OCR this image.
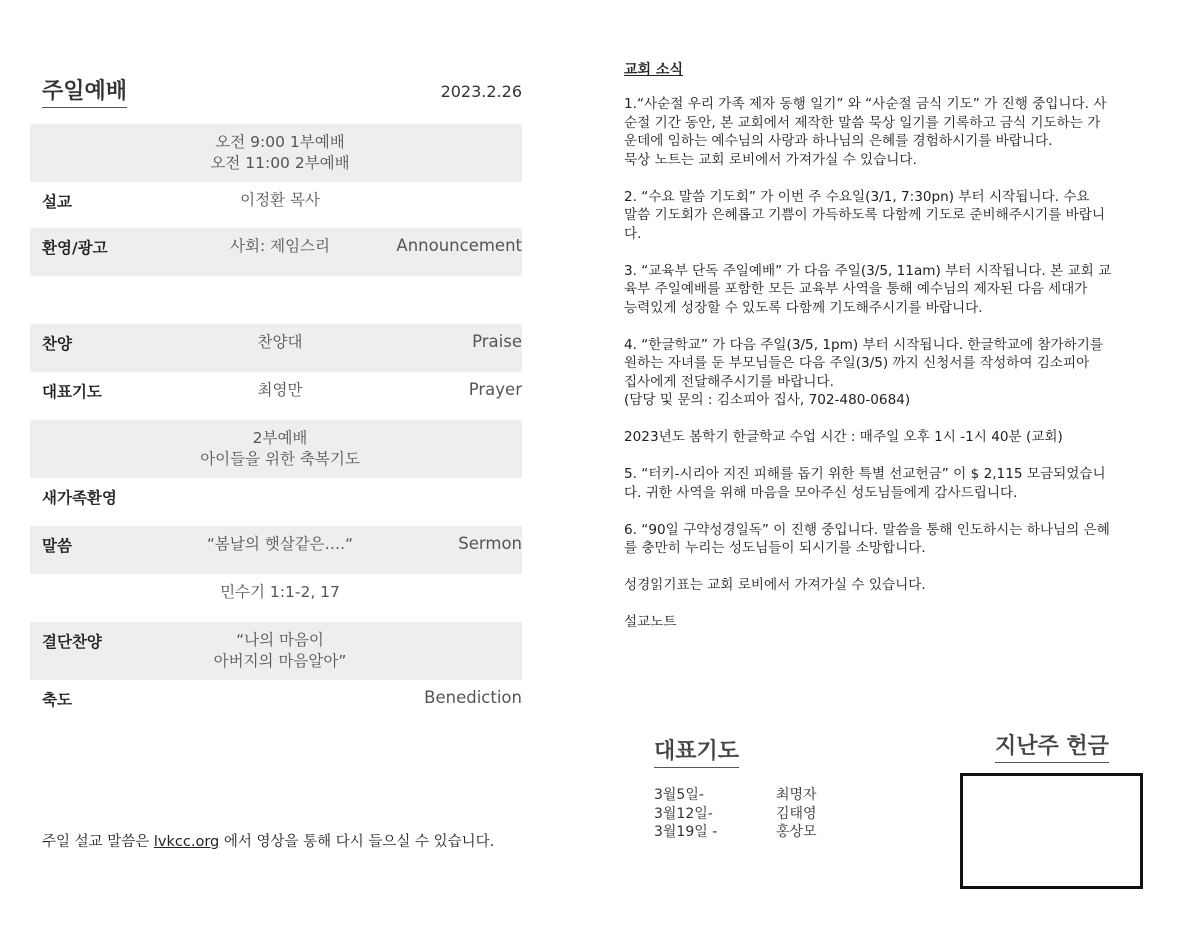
주일예배	2023.2.26
오전 9:00 1부예배
오전 11:00 2부예배
설교	이정환 목사
환영/광고	사회: 제임스리	Announcement
찬양	찬양대	Praise
대표기도	최영만	Prayer
2부예배
아이들을 위한 축복기도
새가족환영
말씀	“봄날의 햇살같은….“	Sermon
민수기 1:1-2, 17
결단찬양	“나의 마음이
아버지의 마음알아”
축도	Benediction
주일 설교 말씀은 lvkcc.org 에서 영상을 통해 다시 들으실 수 있습니다.
교회 소식

1.“사순절 우리 가족 제자 동행 일기” 와 “사순절 금식 기도” 가 진행 중입니다. 사
순절 기간 동안, 본 교회에서 제작한 말씀 묵상 일기를 기록하고 금식 기도하는 가
운데에 임하는 예수님의 사랑과 하나님의 은혜를 경험하시기를 바랍니다.
묵상 노트는 교회 로비에서 가져가실 수 있습니다.

2. “수요 말씀 기도회” 가 이번 주 수요일(3/1, 7:30pn) 부터 시작됩니다. 수요
말씀 기도회가 은혜롭고 기쁨이 가득하도록 다함께 기도로 준비해주시기를 바랍니
다.

3. “교육부 단독 주일예배” 가 다음 주일(3/5, 11am) 부터 시작됩니다. 본 교회 교
육부 주일예배를 포함한 모든 교육부 사역을 통해 예수님의 제자된 다음 세대가
능력있게 성장할 수 있도록 다함께 기도해주시기를 바랍니다.

4. “한글학교” 가 다음 주일(3/5, 1pm) 부터 시작됩니다. 한글학교에 참가하기를
원하는 자녀를 둔 부모님들은 다음 주일(3/5) 까지 신청서를 작성하여 김소피아
집사에게 전달해주시기를 바랍니다.
(담당 및 문의 : 김소피아 집사, 702-480-0684)

2023년도 봄학기 한글학교 수업 시간 : 매주일 오후 1시 -1시 40분 (교회)

5. “터키-시리아 지진 피해를 돕기 위한 특별 선교헌금” 이 $ 2,115 모금되었습니
다. 귀한 사역을 위해 마음을 모아주신 성도님들에게 감사드립니다.

6. “90일 구약성경일독” 이 진행 중입니다. 말씀을 통해 인도하시는 하나님의 은혜
를 충만히 누리는 성도님들이 되시기를 소망합니다.

성경읽기표는 교회 로비에서 가져가실 수 있습니다.

설교노트

대표기도
3월5일-	최명자
3월12일-	김태영
3월19일 -	홍상모
지난주 헌금
